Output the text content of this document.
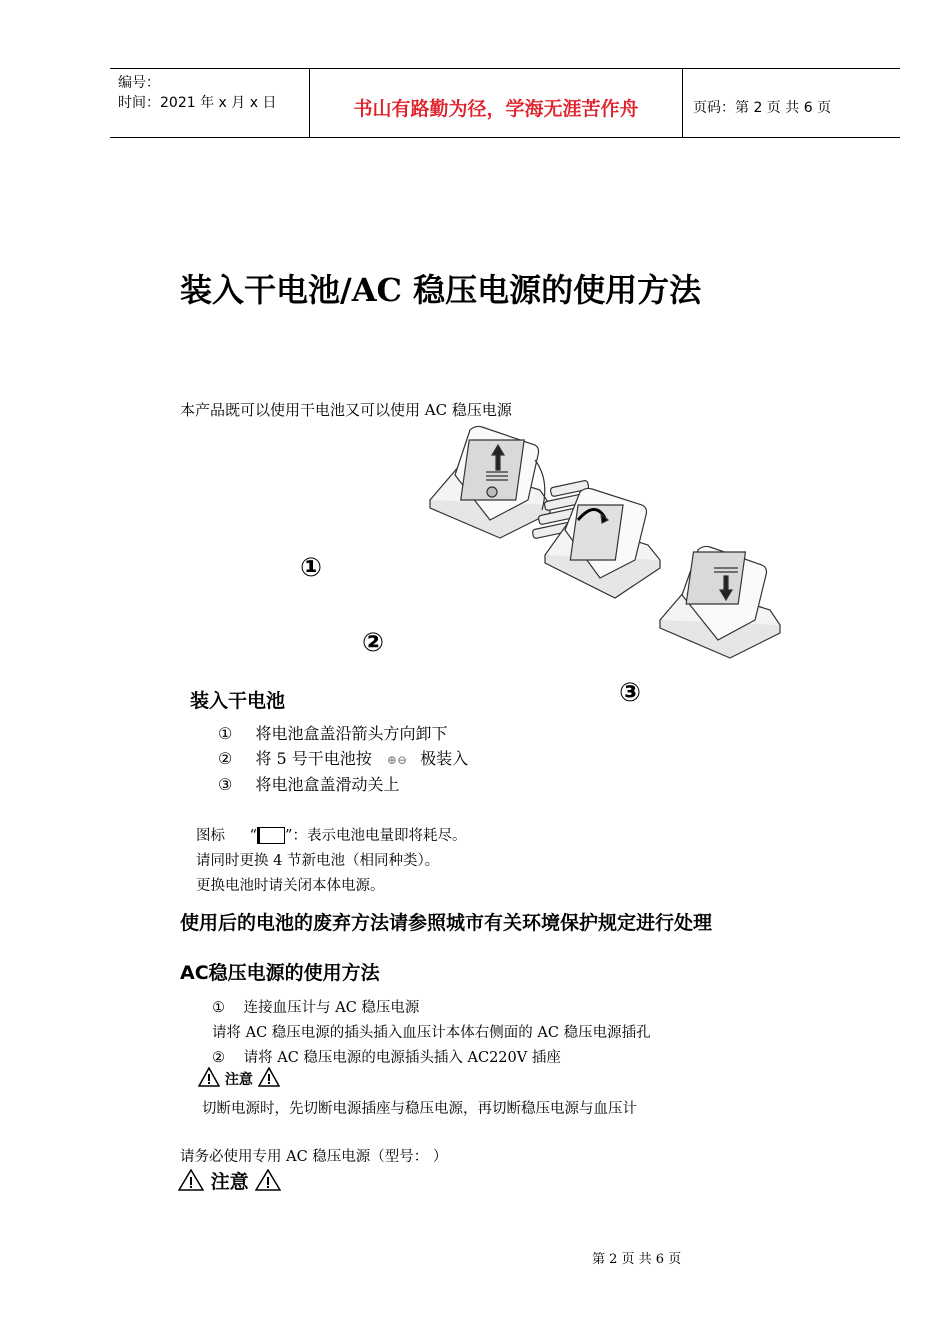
编号：
时间：2021 年 x 月 x 日	书山有路勤为径，学海无涯苦作舟	页码：第 2 页 共 6 页
装入干电池/AC 稳压电源的使用方法
本产品既可以使用干电池又可以使用 AC 稳压电源
①
②
③
装入干电池
① 将电池盒盖沿箭头方向卸下
② 将 5 号干电池按 ⊕⊖ 极装入
③ 将电池盒盖滑动关上
图标 “ ”：表示电池电量即将耗尽。
请同时更换 4 节新电池（相同种类）。
更换电池时请关闭本体电源。
使用后的电池的废弃方法请参照城市有关环境保护规定进行处理
AC稳压电源的使用方法
① 连接血压计与 AC 稳压电源
请将 AC 稳压电源的插头插入血压计本体右侧面的 AC 稳压电源插孔
② 请将 AC 稳压电源的电源插头插入 AC220V 插座
注意
切断电源时，先切断电源插座与稳压电源，再切断稳压电源与血压计
请务必使用专用 AC 稳压电源（型号： ）
注意
第 2 页 共 6 页
